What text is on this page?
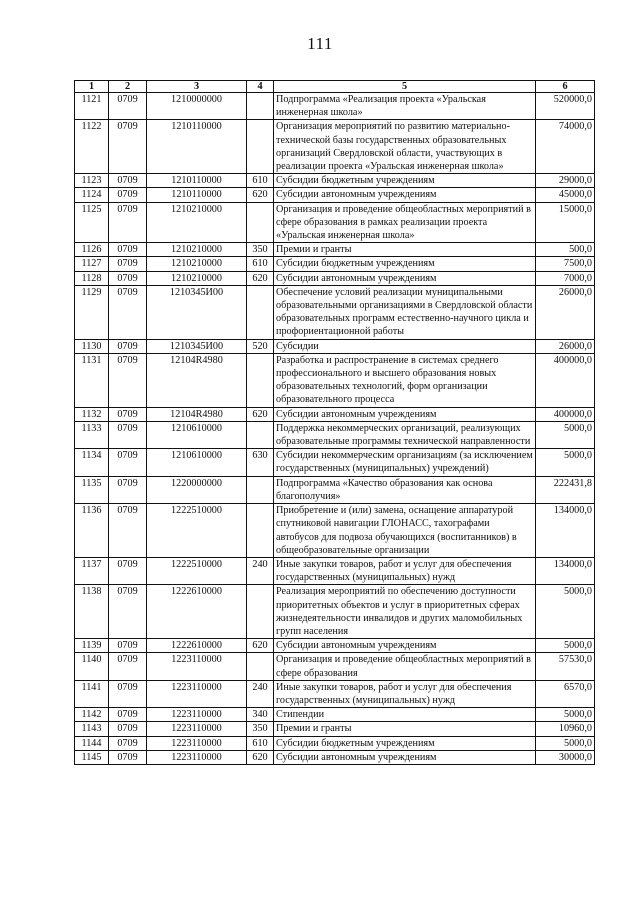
111
1	2	3	4	5	6
1121	0709	1210000000		Подпрограмма «Реализация проекта «Уральская инженерная школа»	520000,0
1122	0709	1210110000		Организация мероприятий по развитию материально-технической базы государственных образовательных организаций Свердловской области, участвующих в реализации проекта «Уральская инженерная школа»	74000,0
1123	0709	1210110000	610	Субсидии бюджетным учреждениям	29000,0
1124	0709	1210110000	620	Субсидии автономным учреждениям	45000,0
1125	0709	1210210000		Организация и проведение общеобластных мероприятий в сфере образования в рамках реализации проекта «Уральская инженерная школа»	15000,0
1126	0709	1210210000	350	Премии и гранты	500,0
1127	0709	1210210000	610	Субсидии бюджетным учреждениям	7500,0
1128	0709	1210210000	620	Субсидии автономным учреждениям	7000,0
1129	0709	1210345И00		Обеспечение условий реализации муниципальными образовательными организациями в Свердловской области образовательных программ естественно-научного цикла и профориентационной работы	26000,0
1130	0709	1210345И00	520	Субсидии	26000,0
1131	0709	12104R4980		Разработка и распространение в системах среднего профессионального и высшего образования новых образовательных технологий, форм организации образовательного процесса	400000,0
1132	0709	12104R4980	620	Субсидии автономным учреждениям	400000,0
1133	0709	1210610000		Поддержка некоммерческих организаций, реализующих образовательные программы технической направленности	5000,0
1134	0709	1210610000	630	Субсидии некоммерческим организациям (за исключением государственных (муниципальных) учреждений)	5000,0
1135	0709	1220000000		Подпрограмма «Качество образования как основа благополучия»	222431,8
1136	0709	1222510000		Приобретение и (или) замена, оснащение аппаратурой спутниковой навигации ГЛОНАСС, тахографами автобусов для подвоза обучающихся (воспитанников) в общеобразовательные организации	134000,0
1137	0709	1222510000	240	Иные закупки товаров, работ и услуг для обеспечения государственных (муниципальных) нужд	134000,0
1138	0709	1222610000		Реализация мероприятий по обеспечению доступности приоритетных объектов и услуг в приоритетных сферах жизнедеятельности инвалидов и других маломобильных групп населения	5000,0
1139	0709	1222610000	620	Субсидии автономным учреждениям	5000,0
1140	0709	1223110000		Организация и проведение общеобластных мероприятий в сфере образования	57530,0
1141	0709	1223110000	240	Иные закупки товаров, работ и услуг для обеспечения государственных (муниципальных) нужд	6570,0
1142	0709	1223110000	340	Стипендии	5000,0
1143	0709	1223110000	350	Премии и гранты	10960,0
1144	0709	1223110000	610	Субсидии бюджетным учреждениям	5000,0
1145	0709	1223110000	620	Субсидии автономным учреждениям	30000,0
